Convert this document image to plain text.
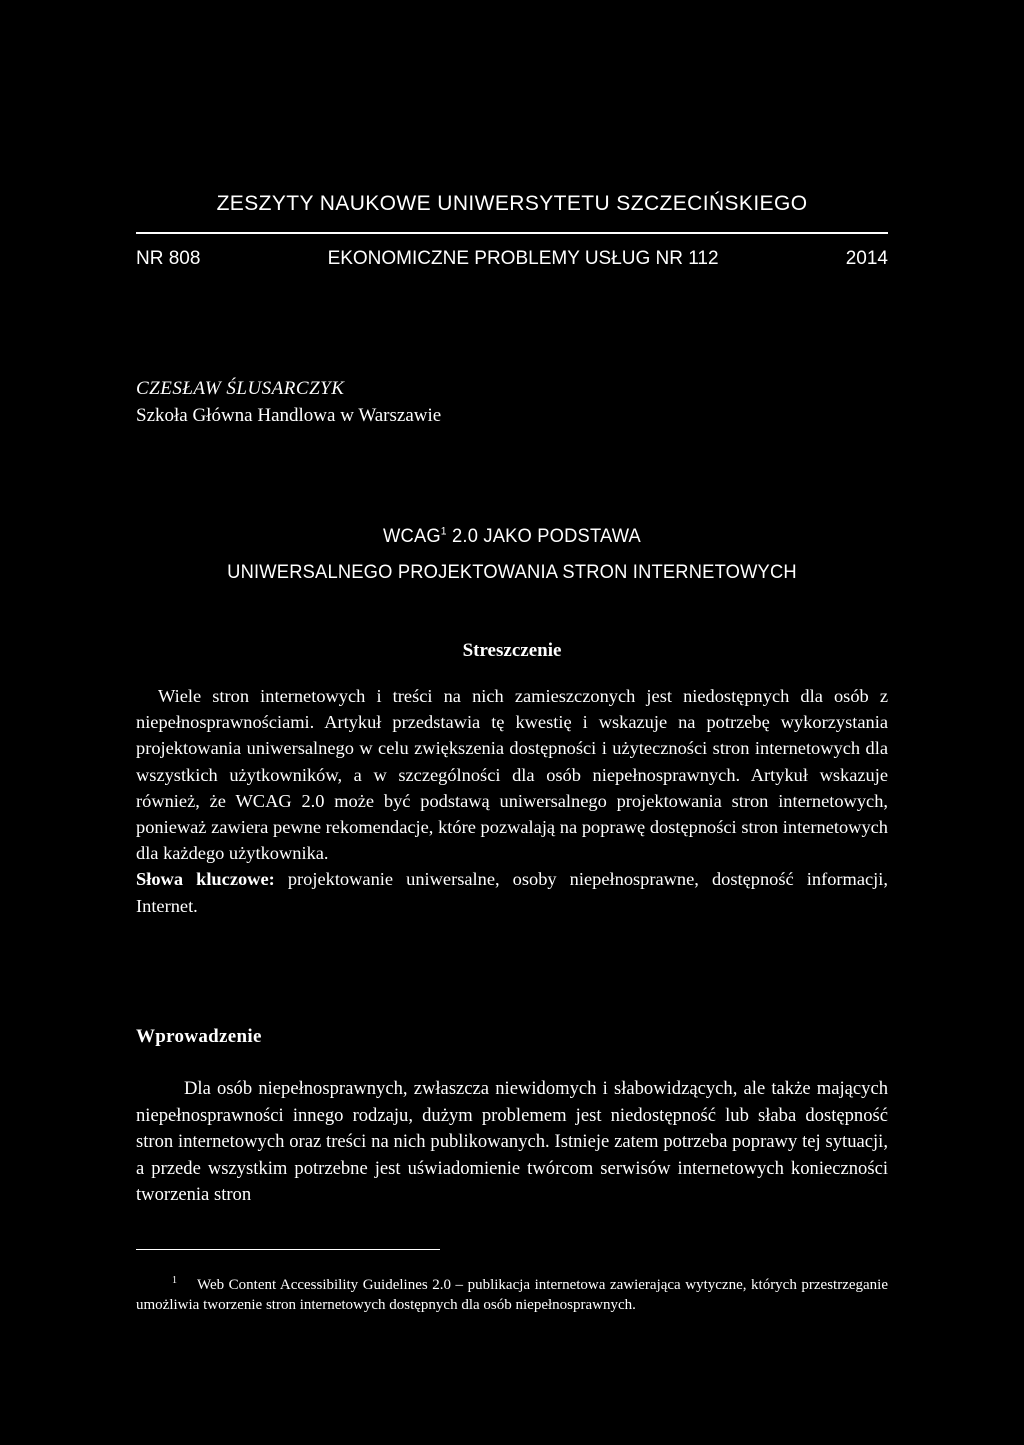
ZESZYTY NAUKOWE UNIWERSYTETU SZCZECIŃSKIEGO

NR 808	EKONOMICZNE PROBLEMY USŁUG NR 112	2014
CZESŁAW ŚLUSARCZYK
Szkoła Główna Handlowa w Warszawie
WCAG$^1$ 2.0 JAKO PODSTAWA
UNIWERSALNEGO PROJEKTOWANIA STRON INTERNETOWYCH
Streszczenie

Wiele stron internetowych i treści na nich zamieszczonych jest niedostępnych dla osób z niepełnosprawnościami. Artykuł przedstawia tę kwestię i wskazuje na potrzebę wykorzystania projektowania uniwersalnego w celu zwiększenia dostępności i użyteczności stron internetowych dla wszystkich użytkowników, a w szczególności dla osób niepełnosprawnych. Artykuł wskazuje również, że WCAG 2.0 może być podstawą uniwersalnego projektowania stron internetowych, ponieważ zawiera pewne rekomendacje, które pozwalają na poprawę dostępności stron internetowych dla każdego użytkownika.

Słowa kluczowe: projektowanie uniwersalne, osoby niepełnosprawne, dostępność informacji, Internet.

Wprowadzenie

Dla osób niepełnosprawnych, zwłaszcza niewidomych i słabowidzących, ale także mających niepełnosprawności innego rodzaju, dużym problemem jest niedostępność lub słaba dostępność stron internetowych oraz treści na nich publikowanych. Istnieje zatem potrzeba poprawy tej sytuacji, a przede wszystkim potrzebne jest uświadomienie twórcom serwisów internetowych konieczności tworzenia stron

$^1$ Web Content Accessibility Guidelines 2.0 – publikacja internetowa zawierająca wytyczne, których przestrzeganie umożliwia tworzenie stron internetowych dostępnych dla osób niepełnosprawnych.
